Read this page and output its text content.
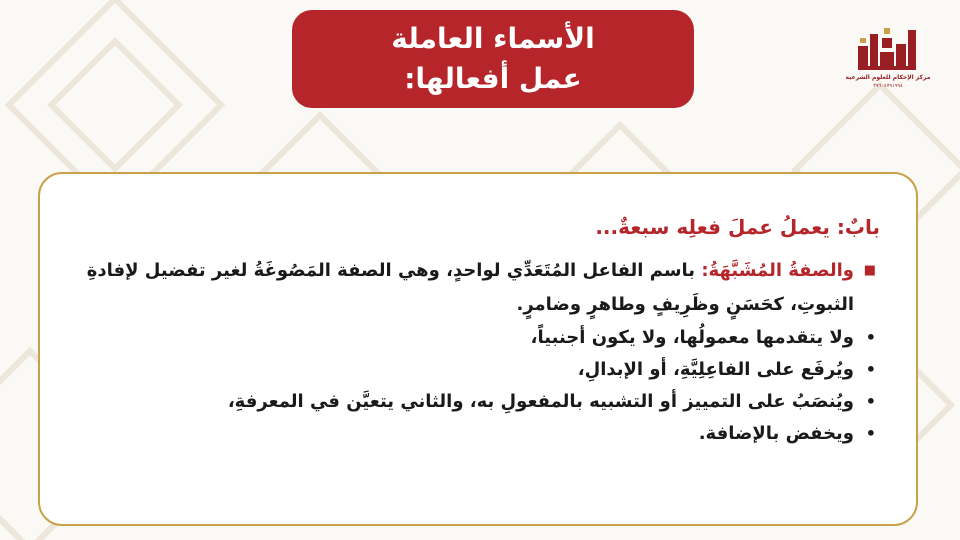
مركز الإحكام للعلوم الشرعية
٢٩٦٠٤٧٩١٩٩٤
الأسماء العاملة
عمل أفعالها:
بابٌ: يعملُ عملَ فعلِه سبعةٌ...
■
والصفةُ المُشَبَّهَةُ: باسم الفاعل المُتَعَدِّي لواحدٍ، وهي الصفة المَصُوغَةُ لغير تفضيل لإفادةِ الثبوتِ، كحَسَنٍ وظَرِيفٍ وطاهرٍ وضامرٍ.
•
ولا يتقدمها معمولُها، ولا يكون أجنبياً،
•
ويُرفَع على الفاعِلِيَّةِ، أو الإبدالِ،
•
ويُنصَبُ على التمييز أو التشبيه بالمفعولِ به، والثاني يتعيَّن في المعرفةِ،
•
ويخفض بالإضافة.
